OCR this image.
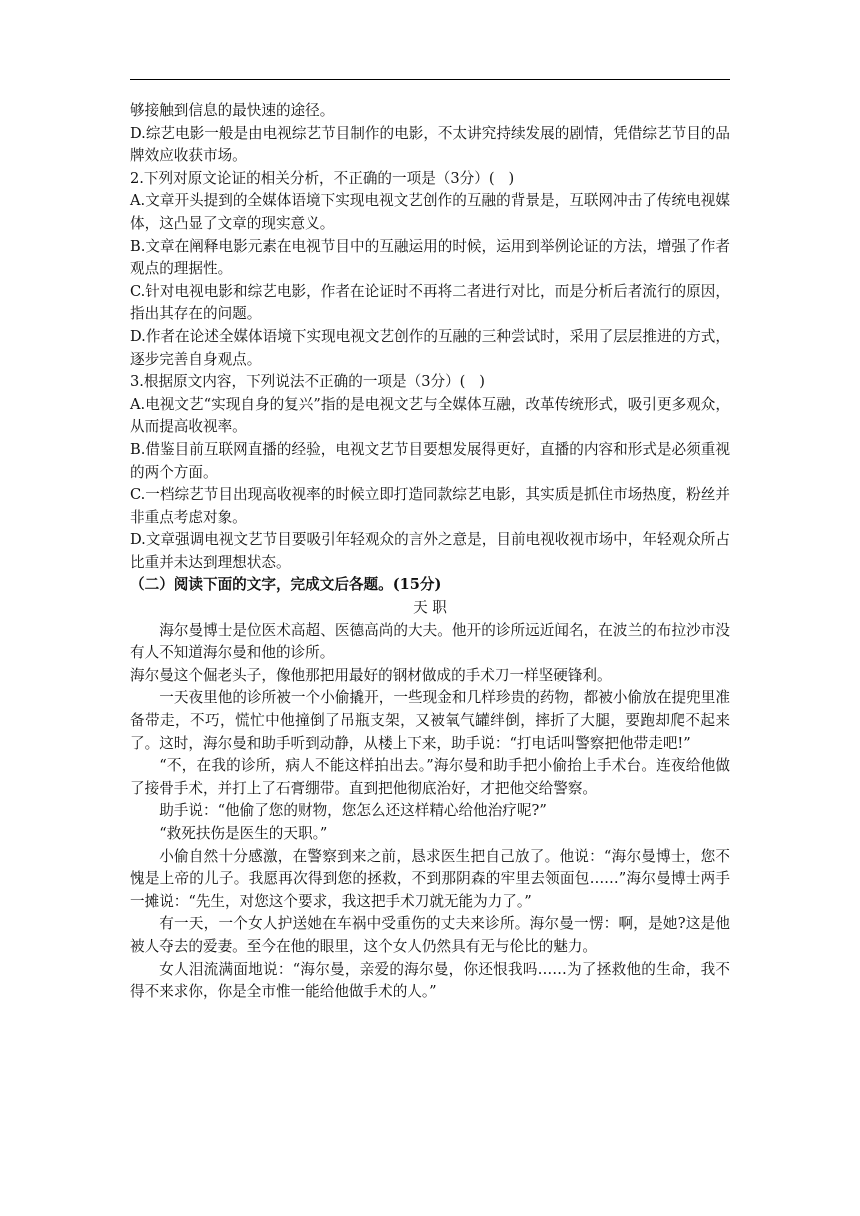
够接触到信息的最快速的途径。

D.综艺电影一般是由电视综艺节目制作的电影，不太讲究持续发展的剧情，凭借综艺节目的品牌效应收获市场。

2.下列对原文论证的相关分析，不正确的一项是（3分）(   )

A.文章开头提到的全媒体语境下实现电视文艺创作的互融的背景是，互联网冲击了传统电视媒体，这凸显了文章的现实意义。

B.文章在阐释电影元素在电视节目中的互融运用的时候，运用到举例论证的方法，增强了作者观点的理据性。

C.针对电视电影和综艺电影，作者在论证时不再将二者进行对比，而是分析后者流行的原因，指出其存在的问题。

D.作者在论述全媒体语境下实现电视文艺创作的互融的三种尝试时，采用了层层推进的方式，逐步完善自身观点。

3.根据原文内容，下列说法不正确的一项是（3分）(   )

A.电视文艺“实现自身的复兴”指的是电视文艺与全媒体互融，改革传统形式，吸引更多观众，从而提高收视率。

B.借鉴目前互联网直播的经验，电视文艺节目要想发展得更好，直播的内容和形式是必须重视的两个方面。

C.一档综艺节目出现高收视率的时候立即打造同款综艺电影，其实质是抓住市场热度，粉丝并非重点考虑对象。

D.文章强调电视文艺节目要吸引年轻观众的言外之意是，目前电视收视市场中，年轻观众所占比重并未达到理想状态。

（二）阅读下面的文字，完成文后各题。(15分)

天 职

海尔曼博士是位医术高超、医德高尚的大夫。他开的诊所远近闻名，在波兰的布拉沙市没有人不知道海尔曼和他的诊所。

海尔曼这个倔老头子，像他那把用最好的钢材做成的手术刀一样坚硬锋利。

一天夜里他的诊所被一个小偷撬开，一些现金和几样珍贵的药物，都被小偷放在提兜里准备带走，不巧，慌忙中他撞倒了吊瓶支架，又被氧气罐绊倒，摔折了大腿，要跑却爬不起来了。这时，海尔曼和助手听到动静，从楼上下来，助手说：“打电话叫警察把他带走吧!”

“不，在我的诊所，病人不能这样拍出去。”海尔曼和助手把小偷抬上手术台。连夜给他做了接骨手术，并打上了石膏绷带。直到把他彻底治好，才把他交给警察。

助手说：“他偷了您的财物，您怎么还这样精心给他治疗呢?”

“救死扶伤是医生的天职。”

小偷自然十分感激，在警察到来之前，恳求医生把自己放了。他说：“海尔曼博士，您不愧是上帝的儿子。我愿再次得到您的拯救，不到那阴森的牢里去领面包……”海尔曼博士两手一摊说：“先生，对您这个要求，我这把手术刀就无能为力了。”

有一天，一个女人护送她在车祸中受重伤的丈夫来诊所。海尔曼一愣：啊，是她?这是他被人夺去的爱妻。至今在他的眼里，这个女人仍然具有无与伦比的魅力。

女人泪流满面地说：“海尔曼，亲爱的海尔曼，你还恨我吗……为了拯救他的生命，我不得不来求你，你是全市惟一能给他做手术的人。”
